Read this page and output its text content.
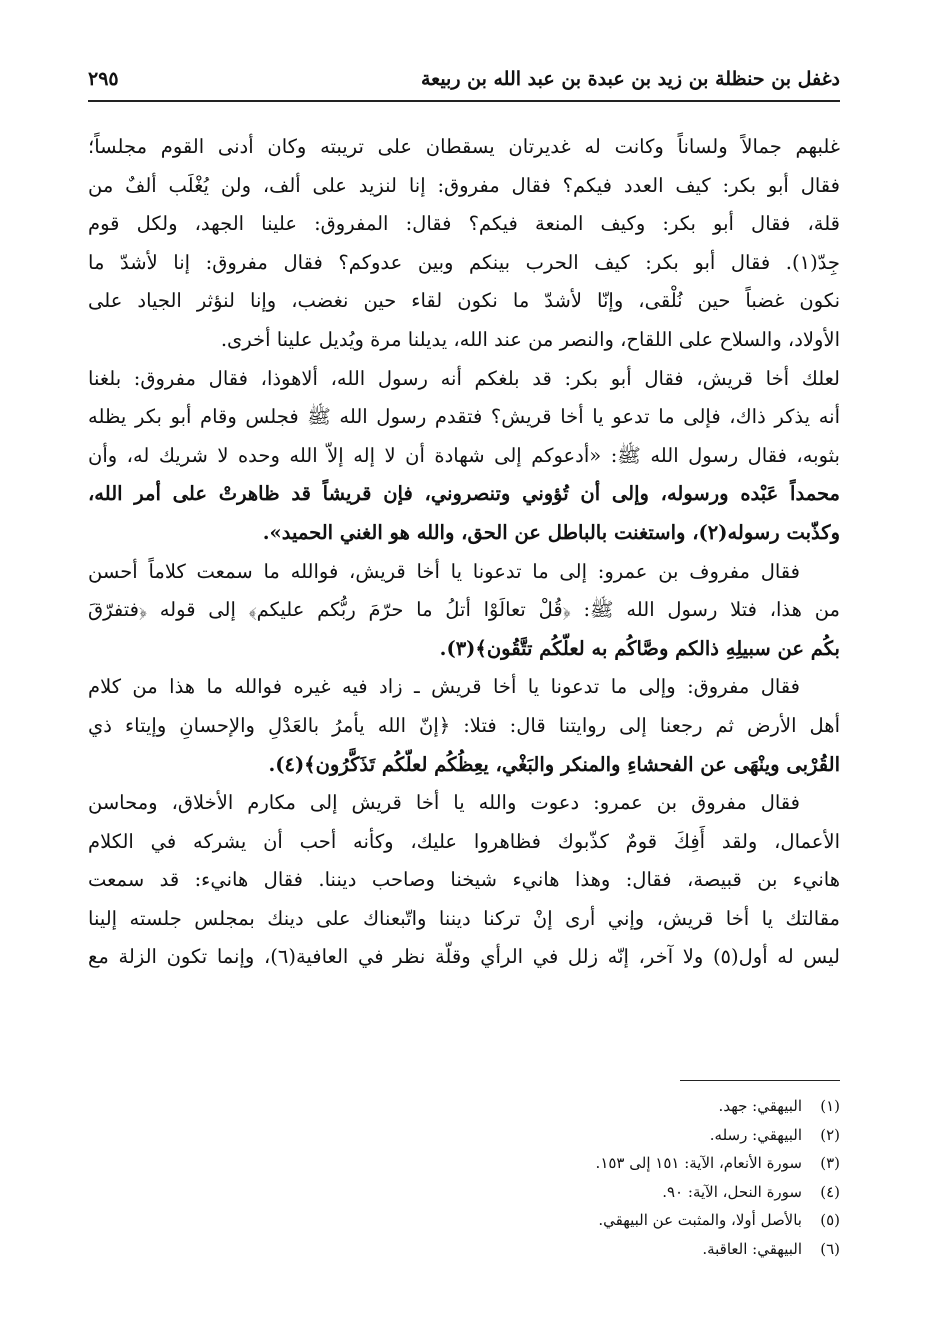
دغفل بن حنظلة بن زيد بن عبدة بن عبد الله بن ربيعة
٢٩٥
غلبهم جمالاً ولساناً وكانت له غديرتان يسقطان على تريبته وكان أدنى القوم مجلساً؛
فقال أبو بكر: كيف العدد فيكم؟ فقال مفروق: إنا لنزيد على ألف، ولن يُغْلَب ألفٌ من
قلة، فقال أبو بكر: وكيف المنعة فيكم؟ فقال: المفروق: علينا الجهد، ولكل قوم
جِدّ(١). فقال أبو بكر: كيف الحرب بينكم وبين عدوكم؟ فقال مفروق: إنا لأشدّ ما
نكون غضباً حين نُلْقى، وإنّا لأشدّ ما نكون لقاء حين نغضب، وإنا لنؤثر الجياد على
الأولاد، والسلاح على اللقاح، والنصر من عند الله، يديلنا مرة ويُديل علينا أخرى.
لعلك أخا قريش، فقال أبو بكر: قد بلغكم أنه رسول الله، ألاهوذا، فقال مفروق: بلغنا
أنه يذكر ذاك، فإلى ما تدعو يا أخا قريش؟ فتقدم رسول الله ﷺ فجلس وقام أبو بكر يظله
بثوبه، فقال رسول الله ﷺ: «أدعوكم إلى شهادة أن لا إله إلاّ الله وحده لا شريك له، وأن
محمداً عَبْده ورسوله، وإلى أن تُؤوني وتنصروني، فإن قريشاً قد ظاهرتْ على أمر الله،
وكذّبت رسوله(٢)، واستغنت بالباطل عن الحق، والله هو الغني الحميد».
فقال مفروف بن عمرو: إلى ما تدعونا يا أخا قريش، فوالله ما سمعت كلاماً أحسن
من هذا، فتلا رسول الله ﷺ: ﴿قُلْ تعالَوْا أتلُ ما حرّمَ ربُّكم عليكم﴾ إلى قوله ﴿فتفرّقَ
بكُم عن سبيلِهِ ذالكم وصَّاكُم به لعلّكُم تتَّقُون﴾(٣).
فقال مفروق: وإلى ما تدعونا يا أخا قريش ـ زاد فيه غيره فوالله ما هذا من كلام
أهل الأرض ثم رجعنا إلى روايتنا قال: فتلا: ﴿إنّ الله يأمرُ بالعَدْلِ والإحسانِ وإيتاء ذي
القُرْبى وينْهَى عن الفحشاءِ والمنكر والبَغْي، يعِظُكُم لعلّكُم تَذَكَّرُون﴾(٤).
فقال مفروق بن عمرو: دعوت والله يا أخا قريش إلى مكارم الأخلاق، ومحاسن
الأعمال، ولقد أَفِكَ قومٌ كذّبوك فظاهروا عليك، وكأنه أحب أن يشركه في الكلام
هانيء بن قبيصة، فقال: وهذا هانيء شيخنا وصاحب ديننا. فقال هانيء: قد سمعت
مقالتك يا أخا قريش، وإني أرى إنْ تركنا ديننا واتّبعناك على دينك بمجلس جلسته إلينا
ليس له أول(٥) ولا آخر، إنّه زلل في الرأي وقلّة نظر في العافية(٦)، وإنما تكون الزلة مع
(١)البيهقي: جهد.
(٢)البيهقي: رسله.
(٣)سورة الأنعام، الآية: ١٥١ إلى ١٥٣.
(٤)سورة النحل، الآية: ٩٠.
(٥)بالأصل أولا، والمثبت عن البيهقي.
(٦)البيهقي: العاقبة.
